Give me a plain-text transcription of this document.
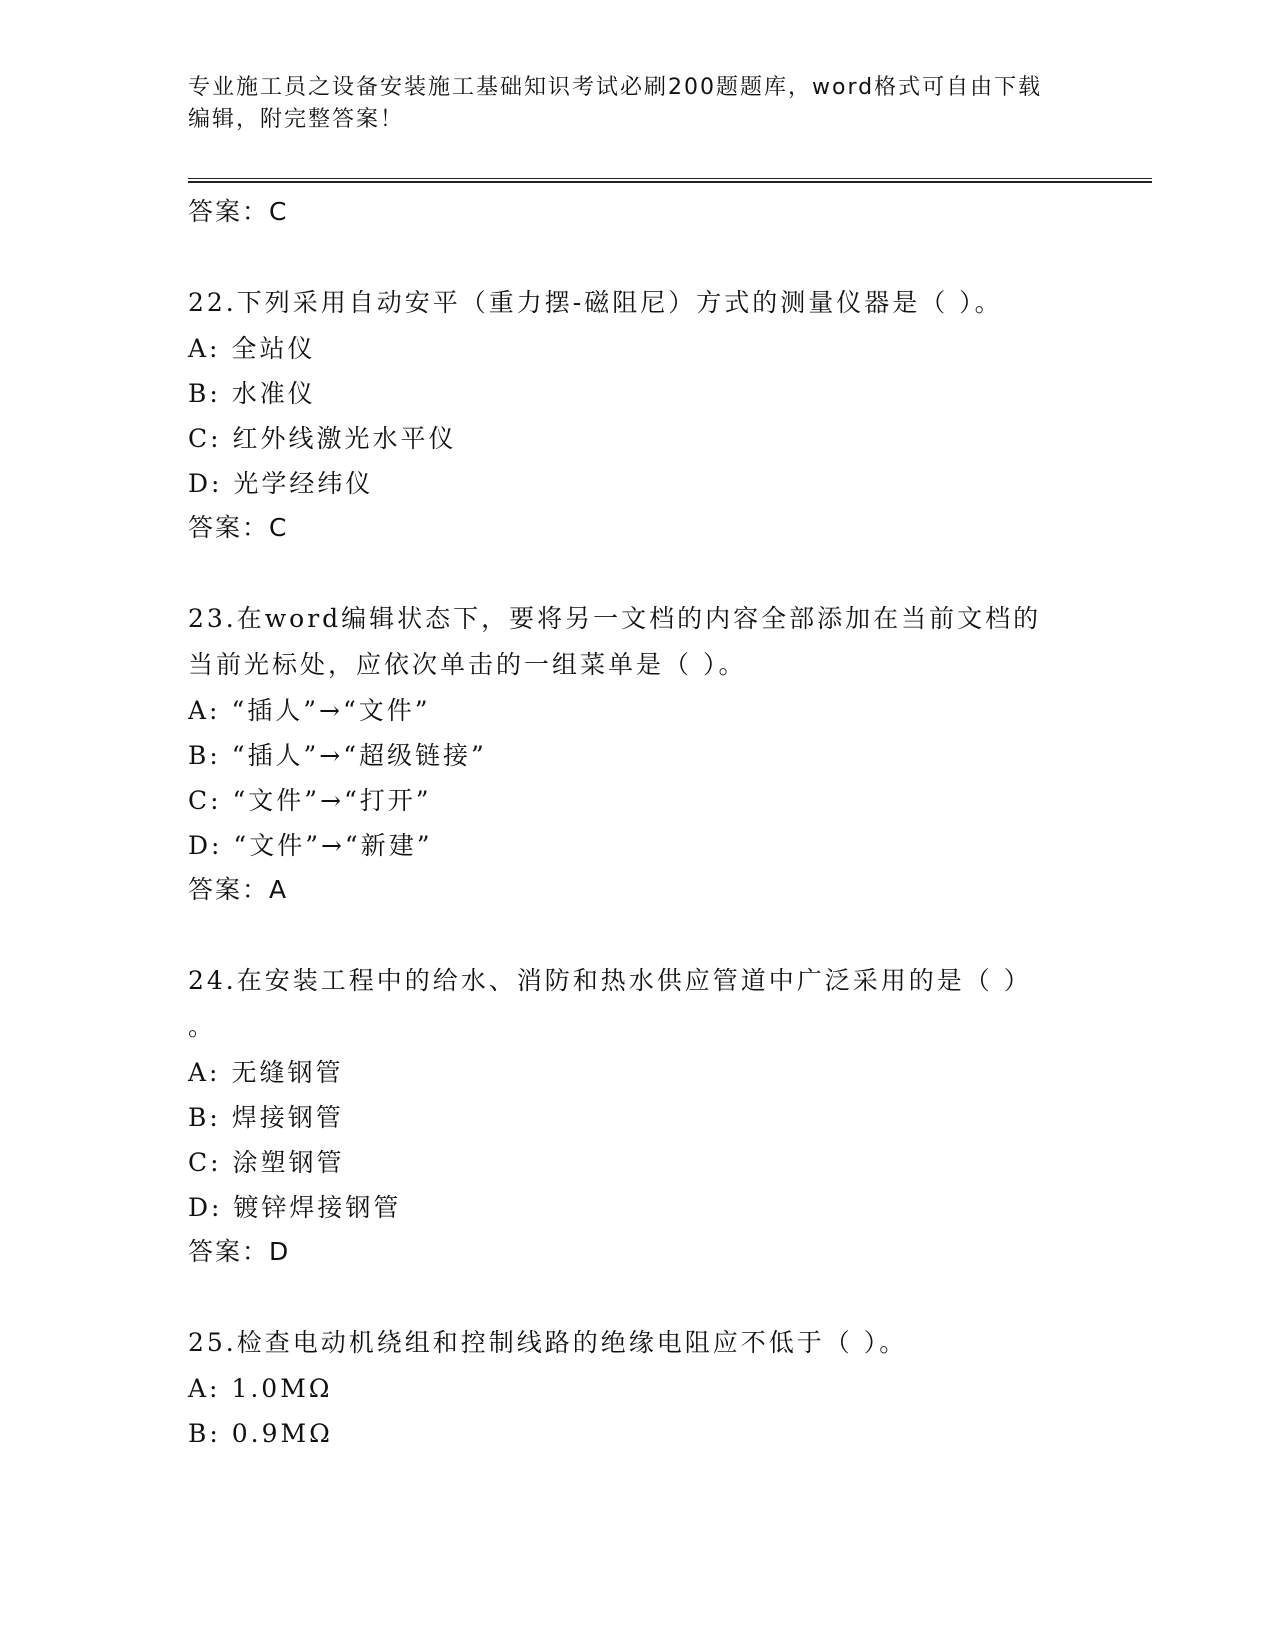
专业施工员之设备安装施工基础知识考试必刷200题题库，word格式可自由下载
编辑，附完整答案！
答案：C
22.下列采用自动安平（重力摆-磁阻尼）方式的测量仪器是（ ）。
A: 全站仪
B: 水准仪
C: 红外线激光水平仪
D: 光学经纬仪
答案：C
23.在word编辑状态下，要将另一文档的内容全部添加在当前文档的
当前光标处，应依次单击的一组菜单是（ ）。
A: “插人”→“文件”
B: “插人”→“超级链接”
C: “文件”→“打开”
D: “文件”→“新建”
答案：A
24.在安装工程中的给水、消防和热水供应管道中广泛采用的是（ ）
。
A: 无缝钢管
B: 焊接钢管
C: 涂塑钢管
D: 镀锌焊接钢管
答案：D
25.检查电动机绕组和控制线路的绝缘电阻应不低于（ ）。
A: 1.0MΩ
B: 0.9MΩ
